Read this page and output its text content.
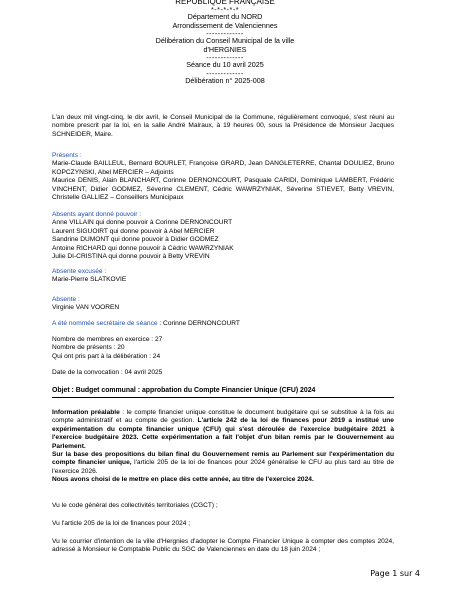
REPUBLIQUE FRANÇAISE
*-*-*-*-*
Département du NORD
Arrondissement de Valenciennes
-------------
Délibération du Conseil Municipal de la ville
d'HERGNIES
-------------
Séance du 10 avril 2025
-------------
Délibération n° 2025-008
L'an deux mil vingt-cinq, le dix avril, le Conseil Municipal de la Commune, régulièrement convoqué, s'est réuni au nombre prescrit par la loi, en la salle André Malraux, à 19 heures 00, sous la Présidence de Monsieur Jacques SCHNEIDER, Maire.

Présents :

Marie-Claude BAILLEUL, Bernard BOURLET, Françoise GRARD, Jean DANGLETERRE, Chantal DOULIEZ, Bruno KOPCZYNSKI, Abel MERCIER – Adjoints

Maurice DENIS, Alain BLANCHART, Corinne DERNONCOURT, Pasquale CARIDI, Dominique LAMBERT, Frédéric VINCHENT, Didier GODMEZ, Séverine CLEMENT, Cédric WAWRZYNIAK, Séverine STIEVET, Betty VREVIN, Christelle GALLIEZ – Conseillers Municipaux

Absents ayant donné pouvoir :

Anne VILLAIN qui donne pouvoir à Corinne DERNONCOURT

Laurent SIGUOIRT qui donne pouvoir à Abel MERCIER

Sandrine DUMONT qui donne pouvoir à Didier GODMEZ

Antoine RICHARD qui donne pouvoir à Cédric WAWRZYNIAK

Julie DI-CRISTINA qui donne pouvoir à Betty VREVIN

Absente excusée :

Marie-Pierre SLATKOVIE

Absente :

Virginie VAN VOOREN

A été nommée secrétaire de séance : Corinne DERNONCOURT

Nombre de membres en exercice : 27

Nombre de présents : 20

Qui ont pris part à la délibération : 24

Date de la convocation : 04 avril 2025

Objet : Budget communal : approbation du Compte Financier Unique (CFU) 2024

Information préalable : le compte financier unique constitue le document budgétaire qui se substitue à la fois au compte administratif et au compte de gestion. L'article 242 de la loi de finances pour 2019 a institué une expérimentation du compte financier unique (CFU) qui s'est déroulée de l'exercice budgétaire 2021 à l'exercice budgétaire 2023. Cette expérimentation a fait l'objet d'un bilan remis par le Gouvernement au Parlement.

Sur la base des propositions du bilan final du Gouvernement remis au Parlement sur l'expérimentation du compte financier unique, l'article 205 de la loi de finances pour 2024 généralise le CFU au plus tard au titre de l'exercice 2026.

Nous avons choisi de le mettre en place dès cette année, au titre de l'exercice 2024.

Vu le code général des collectivités territoriales (CGCT) ;

Vu l'article 205 de la loi de finances pour 2024 ;

Vu le courrier d'intention de la ville d'Hergnies d'adopter le Compte Financier Unique à compter des comptes 2024, adressé à Monsieur le Comptable Public du SGC de Valenciennes en date du 18 juin 2024 ;

Page 1 sur 4
